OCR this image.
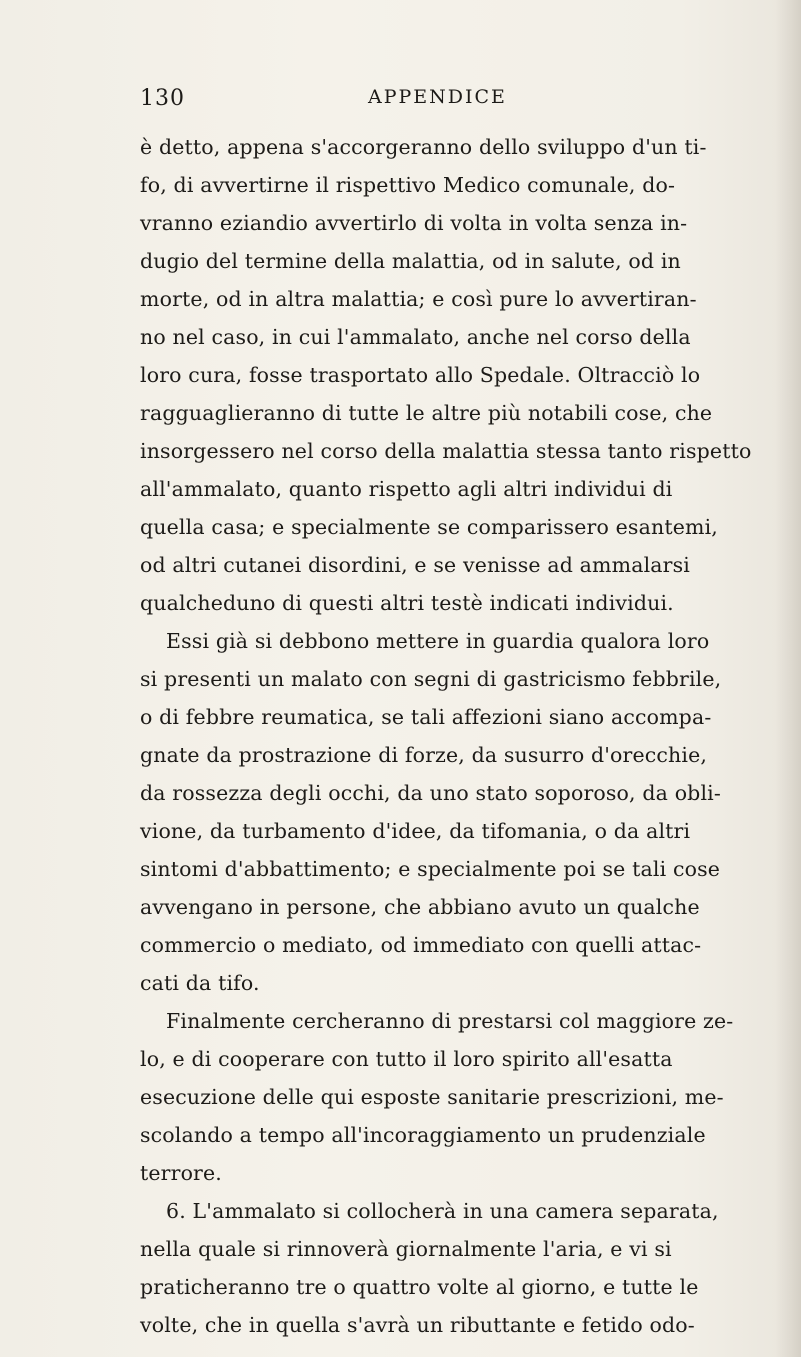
130	APPENDICE
è detto, appena s'accorgeranno dello sviluppo d'un ti-
fo, di avvertirne il rispettivo Medico comunale, do-
vranno eziandio avvertirlo di volta in volta senza in-
dugio del termine della malattia, od in salute, od in
morte, od in altra malattia; e così pure lo avvertiran-
no nel caso, in cui l'ammalato, anche nel corso della
loro cura, fosse trasportato allo Spedale. Oltracciò lo
ragguaglieranno di tutte le altre più notabili cose, che
insorgessero nel corso della malattia stessa tanto rispetto
all'ammalato, quanto rispetto agli altri individui di
quella casa; e specialmente se comparissero esantemi,
od altri cutanei disordini, e se venisse ad ammalarsi
qualcheduno di questi altri testè indicati individui.
Essi già si debbono mettere in guardia qualora loro
si presenti un malato con segni di gastricismo febbrile,
o di febbre reumatica, se tali affezioni siano accompa-
gnate da prostrazione di forze, da susurro d'orecchie,
da rossezza degli occhi, da uno stato soporoso, da obli-
vione, da turbamento d'idee, da tifomania, o da altri
sintomi d'abbattimento; e specialmente poi se tali cose
avvengano in persone, che abbiano avuto un qualche
commercio o mediato, od immediato con quelli attac-
cati da tifo.
Finalmente cercheranno di prestarsi col maggiore ze-
lo, e di cooperare con tutto il loro spirito all'esatta
esecuzione delle qui esposte sanitarie prescrizioni, me-
scolando a tempo all'incoraggiamento un prudenziale
terrore.
6. L'ammalato si collocherà in una camera separata,
nella quale si rinnoverà giornalmente l'aria, e vi si
praticheranno tre o quattro volte al giorno, e tutte le
volte, che in quella s'avrà un ributtante e fetido odo-
